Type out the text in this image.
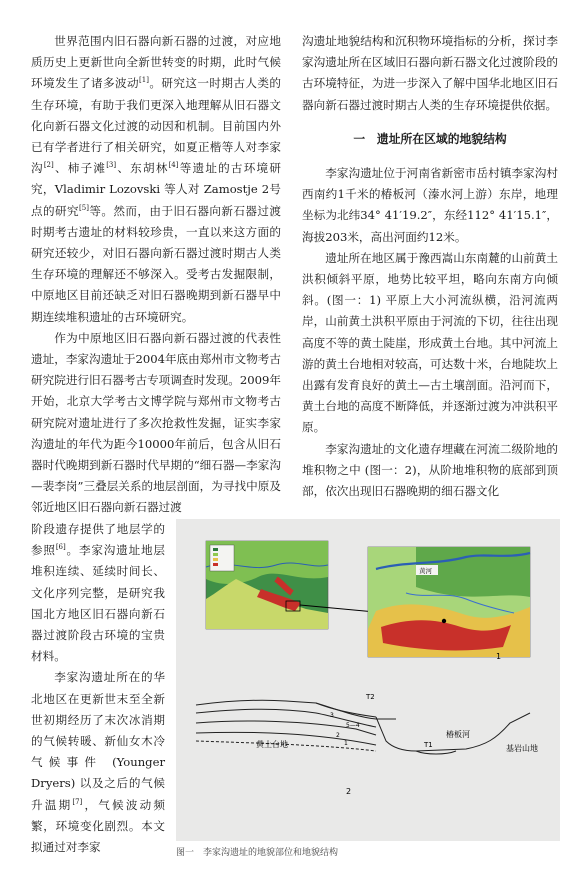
世界范围内旧石器向新石器的过渡，对应地质历史上更新世向全新世转变的时期，此时气候环境发生了诸多波动[1]。研究这一时期古人类的生存环境，有助于我们更深入地理解从旧石器文化向新石器文化过渡的动因和机制。目前国内外已有学者进行了相关研究，如夏正楷等人对李家沟[2]、柿子滩[3]、东胡林[4]等遗址的古环境研究，Vladimir Lozovski 等人对 Zamostje 2号点的研究[5]等。然而，由于旧石器向新石器过渡时期考古遗址的材料较珍贵，一直以来这方面的研究还较少，对旧石器向新石器过渡时期古人类生存环境的理解还不够深入。受考古发掘限制，中原地区目前还缺乏对旧石器晚期到新石器早中期连续堆积遗址的古环境研究。

作为中原地区旧石器向新石器过渡的代表性遗址，李家沟遗址于2004年底由郑州市文物考古研究院进行旧石器考古专项调查时发现。2009年开始，北京大学考古文博学院与郑州市文物考古研究院对遗址进行了多次抢救性发掘，证实李家沟遗址的年代为距今10000年前后，包含从旧石器时代晚期到新石器时代早期的“细石器—李家沟—裴李岗”三叠层关系的地层剖面，为寻找中原及邻近地区旧石器向新石器过渡

阶段遗存提供了地层学的参照[6]。李家沟遗址地层堆积连续、延续时间长、文化序列完整，是研究我国北方地区旧石器向新石器过渡阶段古环境的宝贵材料。

李家沟遗址所在的华北地区在更新世末至全新世初期经历了末次冰消期的气候转暖、新仙女木冷气候事件 (Younger Dryers) 以及之后的气候升温期[7]，气候波动频繁，环境变化剧烈。本文拟通过对李家

沟遗址地貌结构和沉积物环境指标的分析，探讨李家沟遗址所在区域旧石器向新石器文化过渡阶段的古环境特征，为进一步深入了解中国华北地区旧石器向新石器过渡时期古人类的生存环境提供依据。

一　遗址所在区域的地貌结构

李家沟遗址位于河南省新密市岳村镇李家沟村西南约1千米的椿板河（溱水河上游）东岸，地理坐标为北纬34° 41′19.2″，东经112° 41′15.1″，海拔203米，高出河面约12米。

遗址所在地区属于豫西嵩山东南麓的山前黄土洪积倾斜平原，地势比较平坦，略向东南方向倾斜。(图一：1) 平原上大小河流纵横，沿河流两岸，山前黄土洪积平原由于河流的下切，往往出现高度不等的黄土陡崖，形成黄土台地。其中河流上游的黄土台地相对较高，可达数十米，台地陡坎上出露有发育良好的黄土—古土壤剖面。沿河而下，黄土台地的高度不断降低，并逐渐过渡为冲洪积平原。

李家沟遗址的文化遗存埋藏在河流二级阶地的堆积物之中 (图一：2)，从阶地堆积物的底部到顶部，依次出现旧石器晚期的细石器文化

黄河
1
T2
T1
黄土台地
椿板河
基岩山地
5—4
3
2
1
2
图一　李家沟遗址的地貌部位和地貌结构
